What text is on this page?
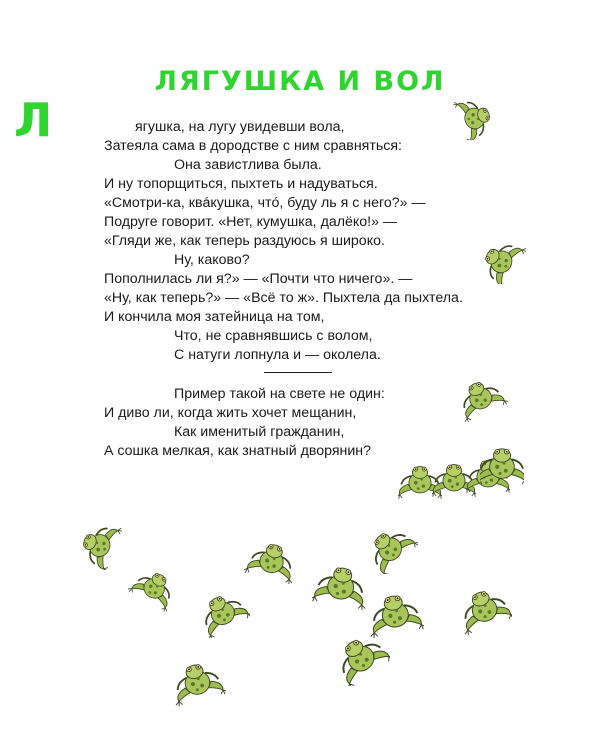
ЛЯГУШКА И ВОЛ
Л	ягушка, на лугу увидевши вола,
Затеяла сама в дородстве с ним сравняться:
Она завистлива была.
И ну топорщиться, пыхтеть и надуваться.
«Смотри-ка, квáкушка, чтó, буду ль я с него?» —
Подруге говорит. «Нет, кумушка, далёко!» —
«Гляди же, как теперь раздуюсь я широко.
Ну, каково?
Пополнилась ли я?» — «Почти что ничего». —
«Ну, как теперь?» — «Всё то ж». Пыхтела да пыхтела.
И кончила моя затейница на том,
Что, не сравнявшись с волом,
С натуги лопнула и — околела.
Пример такой на свете не один:
И диво ли, когда жить хочет мещанин,
Как именитый гражданин,
А сошка мелкая, как знатный дворянин?
